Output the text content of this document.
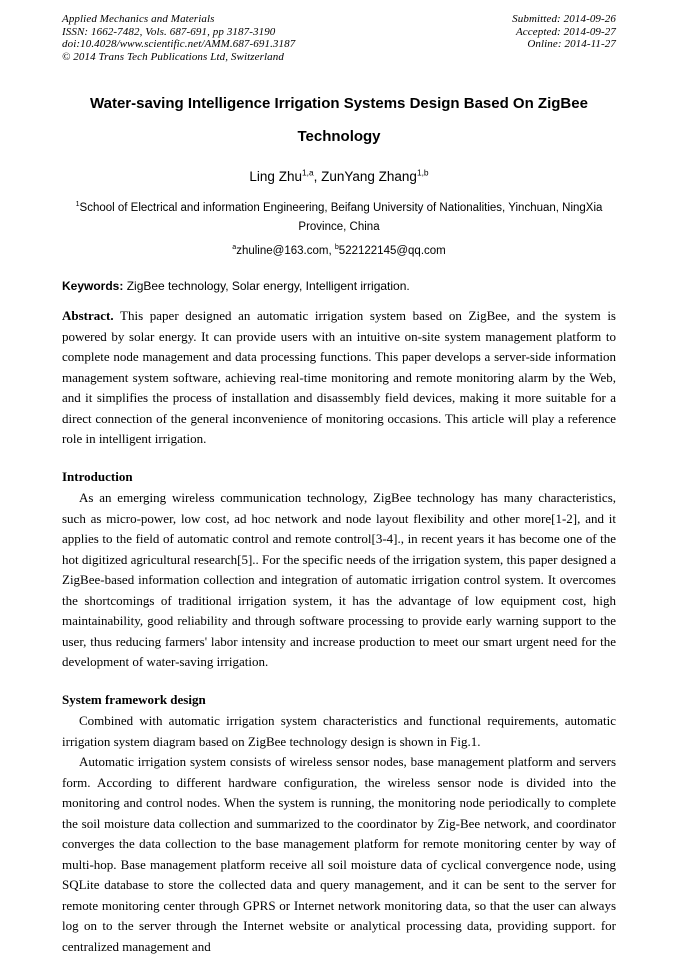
Applied Mechanics and Materials
ISSN: 1662-7482, Vols. 687-691, pp 3187-3190
doi:10.4028/www.scientific.net/AMM.687-691.3187
© 2014 Trans Tech Publications Ltd, Switzerland
Submitted: 2014-09-26
Accepted: 2014-09-27
Online: 2014-11-27
Water-saving Intelligence Irrigation Systems Design Based On ZigBee
Technology
Ling Zhu$^{1,a}$, ZunYang Zhang$^{1,b}$
$^1$School of Electrical and information Engineering, Beifang University of Nationalities, Yinchuan, NingXia Province, China
$^a$zhuline@163.com, $^b$522122145@qq.com
Keywords: ZigBee technology, Solar energy, Intelligent irrigation.

Abstract. This paper designed an automatic irrigation system based on ZigBee, and the system is powered by solar energy. It can provide users with an intuitive on-site system management platform to complete node management and data processing functions. This paper develops a server-side information management system software, achieving real-time monitoring and remote monitoring alarm by the Web, and it simplifies the process of installation and disassembly field devices, making it more suitable for a direct connection of the general inconvenience of monitoring occasions. This article will play a reference role in intelligent irrigation.

Introduction

As an emerging wireless communication technology, ZigBee technology has many characteristics, such as micro-power, low cost, ad hoc network and node layout flexibility and other more[1-2], and it applies to the field of automatic control and remote control[3-4]., in recent years it has become one of the hot digitized agricultural research[5].. For the specific needs of the irrigation system, this paper designed a ZigBee-based information collection and integration of automatic irrigation control system. It overcomes the shortcomings of traditional irrigation system, it has the advantage of low equipment cost, high maintainability, good reliability and through software processing to provide early warning support to the user, thus reducing farmers' labor intensity and increase production to meet our smart urgent need for the development of water-saving irrigation.

System framework design

Combined with automatic irrigation system characteristics and functional requirements, automatic irrigation system diagram based on ZigBee technology design is shown in Fig.1.

Automatic irrigation system consists of wireless sensor nodes, base management platform and servers form. According to different hardware configuration, the wireless sensor node is divided into the monitoring and control nodes. When the system is running, the monitoring node periodically to complete the soil moisture data collection and summarized to the coordinator by Zig-Bee network, and coordinator converges the data collection to the base management platform for remote monitoring center by way of multi-hop. Base management platform receive all soil moisture data of cyclical convergence node, using SQLite database to store the collected data and query management, and it can be sent to the server for remote monitoring center through GPRS or Internet network monitoring data, so that the user can always log on to the server through the Internet website or analytical processing data, providing support. for centralized management and
